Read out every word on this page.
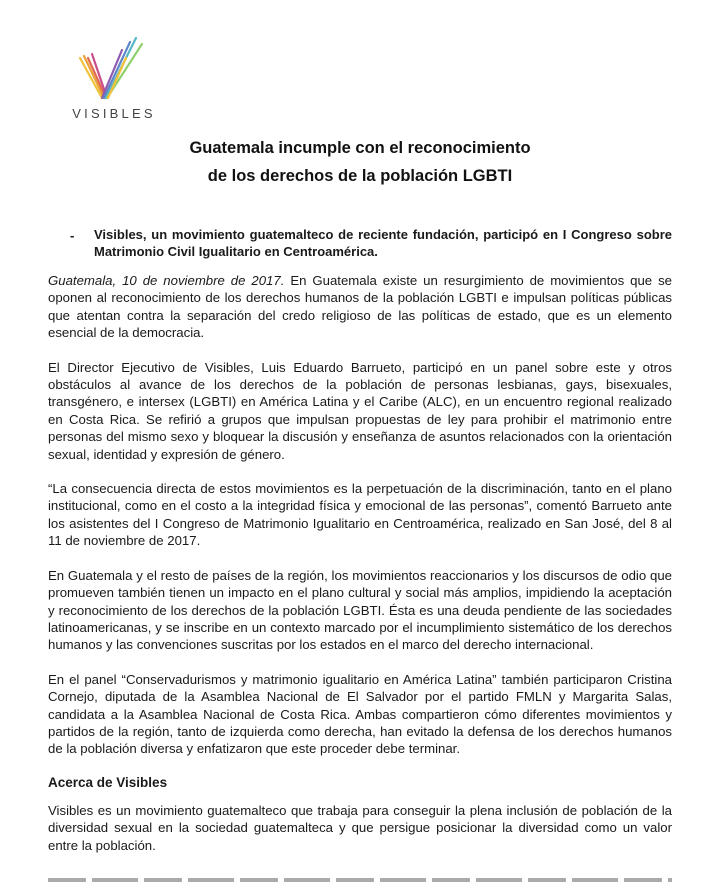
VISIBLES
Guatemala incumple con el reconocimiento
de los derechos de la población LGBTI
- Visibles, un movimiento guatemalteco de reciente fundación, participó en I Congreso sobre Matrimonio Civil Igualitario en Centroamérica.

Guatemala, 10 de noviembre de 2017. En Guatemala existe un resurgimiento de movimientos que se oponen al reconocimiento de los derechos humanos de la población LGBTI e impulsan políticas públicas que atentan contra la separación del credo religioso de las políticas de estado, que es un elemento esencial de la democracia.

El Director Ejecutivo de Visibles, Luis Eduardo Barrueto, participó en un panel sobre este y otros obstáculos al avance de los derechos de la población de personas lesbianas, gays, bisexuales, transgénero, e intersex (LGBTI) en América Latina y el Caribe (ALC), en un encuentro regional realizado en Costa Rica. Se refirió a grupos que impulsan propuestas de ley para prohibir el matrimonio entre personas del mismo sexo y bloquear la discusión y enseñanza de asuntos relacionados con la orientación sexual, identidad y expresión de género.

“La consecuencia directa de estos movimientos es la perpetuación de la discriminación, tanto en el plano institucional, como en el costo a la integridad física y emocional de las personas”, comentó Barrueto ante los asistentes del I Congreso de Matrimonio Igualitario en Centroamérica, realizado en San José, del 8 al 11 de noviembre de 2017.

En Guatemala y el resto de países de la región, los movimientos reaccionarios y los discursos de odio que promueven también tienen un impacto en el plano cultural y social más amplios, impidiendo la aceptación y reconocimiento de los derechos de la población LGBTI. Ésta es una deuda pendiente de las sociedades latinoamericanas, y se inscribe en un contexto marcado por el incumplimiento sistemático de los derechos humanos y las convenciones suscritas por los estados en el marco del derecho internacional.

En el panel “Conservadurismos y matrimonio igualitario en América Latina” también participaron Cristina Cornejo, diputada de la Asamblea Nacional de El Salvador por el partido FMLN y Margarita Salas, candidata a la Asamblea Nacional de Costa Rica. Ambas compartieron cómo diferentes movimientos y partidos de la región, tanto de izquierda como derecha, han evitado la defensa de los derechos humanos de la población diversa y enfatizaron que este proceder debe terminar.

Acerca de Visibles

Visibles es un movimiento guatemalteco que trabaja para conseguir la plena inclusión de población de la diversidad sexual en la sociedad guatemalteca y que persigue posicionar la diversidad como un valor entre la población.
